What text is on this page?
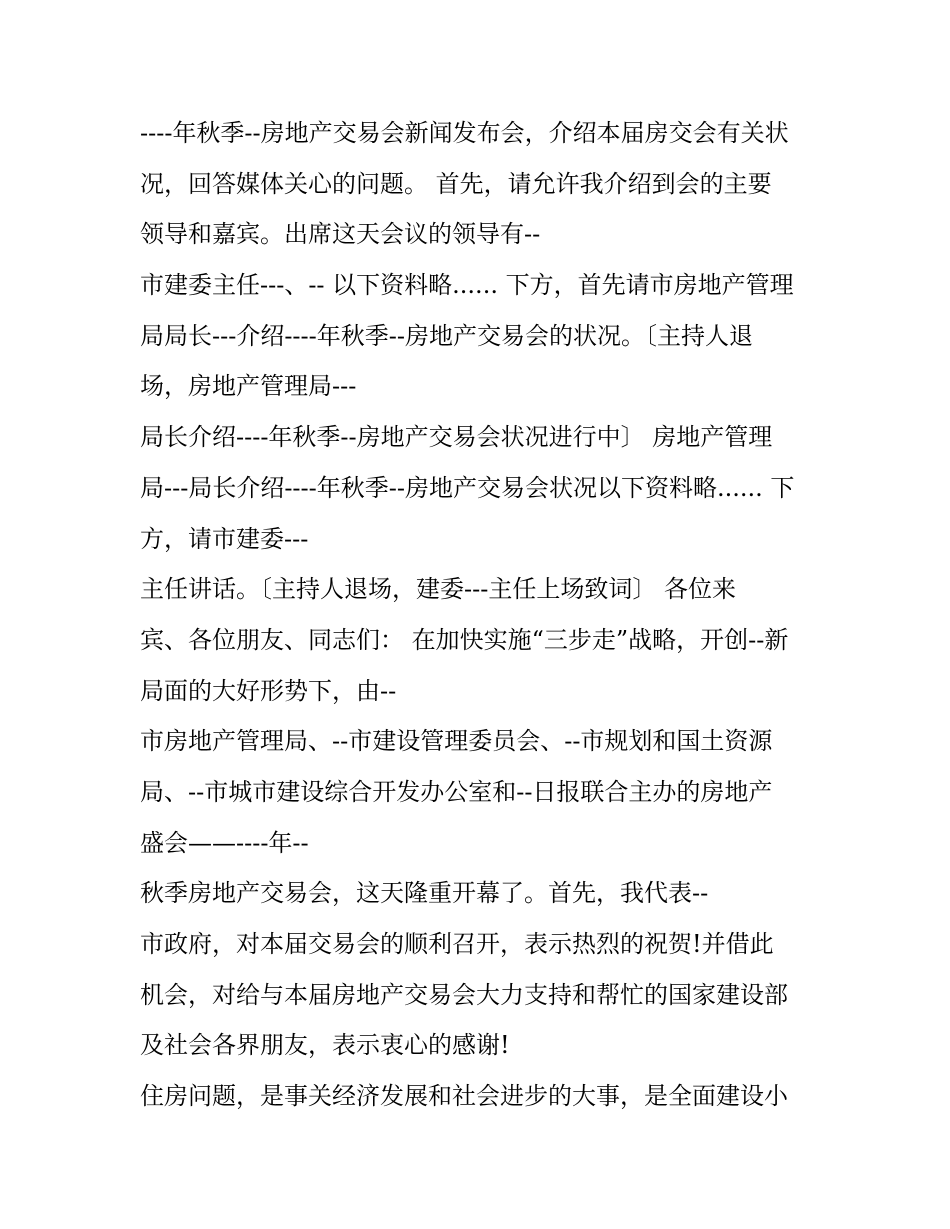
----年秋季--房地产交易会新闻发布会，介绍本届房交会有关状
况，回答媒体关心的问题。 首先，请允许我介绍到会的主要
领导和嘉宾。出席这天会议的领导有--
市建委主任---、-- 以下资料略...... 下方，首先请市房地产管理
局局长---介绍----年秋季--房地产交易会的状况。〔主持人退
场，房地产管理局---
局长介绍----年秋季--房地产交易会状况进行中〕 房地产管理
局---局长介绍----年秋季--房地产交易会状况以下资料略...... 下
方，请市建委---
主任讲话。〔主持人退场，建委---主任上场致词〕 各位来
宾、各位朋友、同志们： 在加快实施“三步走”战略，开创--新
局面的大好形势下，由--
市房地产管理局、--市建设管理委员会、--市规划和国土资源
局、--市城市建设综合开发办公室和--日报联合主办的房地产
盛会——----年--
秋季房地产交易会，这天隆重开幕了。首先，我代表--
市政府，对本届交易会的顺利召开，表示热烈的祝贺!并借此
机会，对给与本届房地产交易会大力支持和帮忙的国家建设部
及社会各界朋友，表示衷心的感谢!
住房问题，是事关经济发展和社会进步的大事，是全面建设小
